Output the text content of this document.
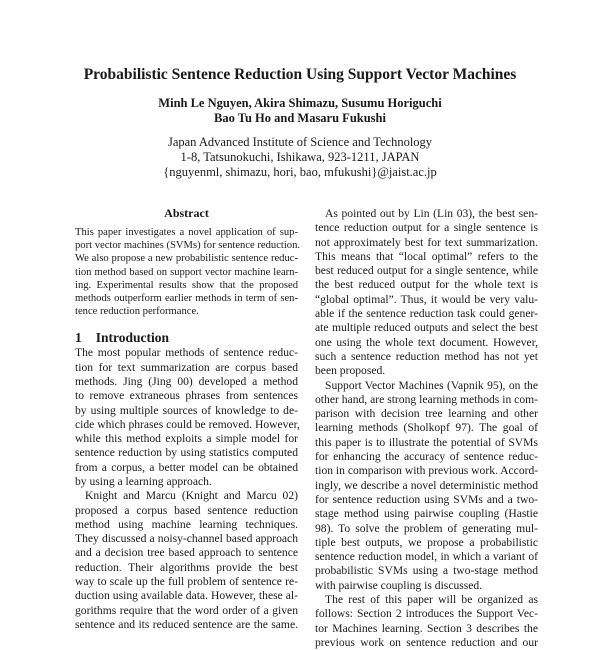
Probabilistic Sentence Reduction Using Support Vector Machines
Minh Le Nguyen, Akira Shimazu, Susumu Horiguchi
Bao Tu Ho and Masaru Fukushi
Japan Advanced Institute of Science and Technology
1-8, Tatsunokuchi, Ishikawa, 923-1211, JAPAN
{nguyenml, shimazu, hori, bao, mfukushi}@jaist.ac.jp
Abstract
This paper investigates a novel application of sup-
port vector machines (SVMs) for sentence reduction.
We also propose a new probabilistic sentence reduc-
tion method based on support vector machine learn-
ing. Experimental results show that the proposed
methods outperform earlier methods in term of sen-
tence reduction performance.
1 Introduction
The most popular methods of sentence reduc-
tion for text summarization are corpus based
methods. Jing (Jing 00) developed a method
to remove extraneous phrases from sentences
by using multiple sources of knowledge to de-
cide which phrases could be removed. However,
while this method exploits a simple model for
sentence reduction by using statistics computed
from a corpus, a better model can be obtained
by using a learning approach.
Knight and Marcu (Knight and Marcu 02)
proposed a corpus based sentence reduction
method using machine learning techniques.
They discussed a noisy-channel based approach
and a decision tree based approach to sentence
reduction. Their algorithms provide the best
way to scale up the full problem of sentence re-
duction using available data. However, these al-
gorithms require that the word order of a given
sentence and its reduced sentence are the same.
As pointed out by Lin (Lin 03), the best sen-
tence reduction output for a single sentence is
not approximately best for text summarization.
This means that “local optimal” refers to the
best reduced output for a single sentence, while
the best reduced output for the whole text is
“global optimal”. Thus, it would be very valu-
able if the sentence reduction task could gener-
ate multiple reduced outputs and select the best
one using the whole text document. However,
such a sentence reduction method has not yet
been proposed.
Support Vector Machines (Vapnik 95), on the
other hand, are strong learning methods in com-
parison with decision tree learning and other
learning methods (Sholkopf 97). The goal of
this paper is to illustrate the potential of SVMs
for enhancing the accuracy of sentence reduc-
tion in comparison with previous work. Accord-
ingly, we describe a novel deterministic method
for sentence reduction using SVMs and a two-
stage method using pairwise coupling (Hastie
98). To solve the problem of generating mul-
tiple best outputs, we propose a probabilistic
sentence reduction model, in which a variant of
probabilistic SVMs using a two-stage method
with pairwise coupling is discussed.
The rest of this paper will be organized as
follows: Section 2 introduces the Support Vec-
tor Machines learning. Section 3 describes the
previous work on sentence reduction and our
